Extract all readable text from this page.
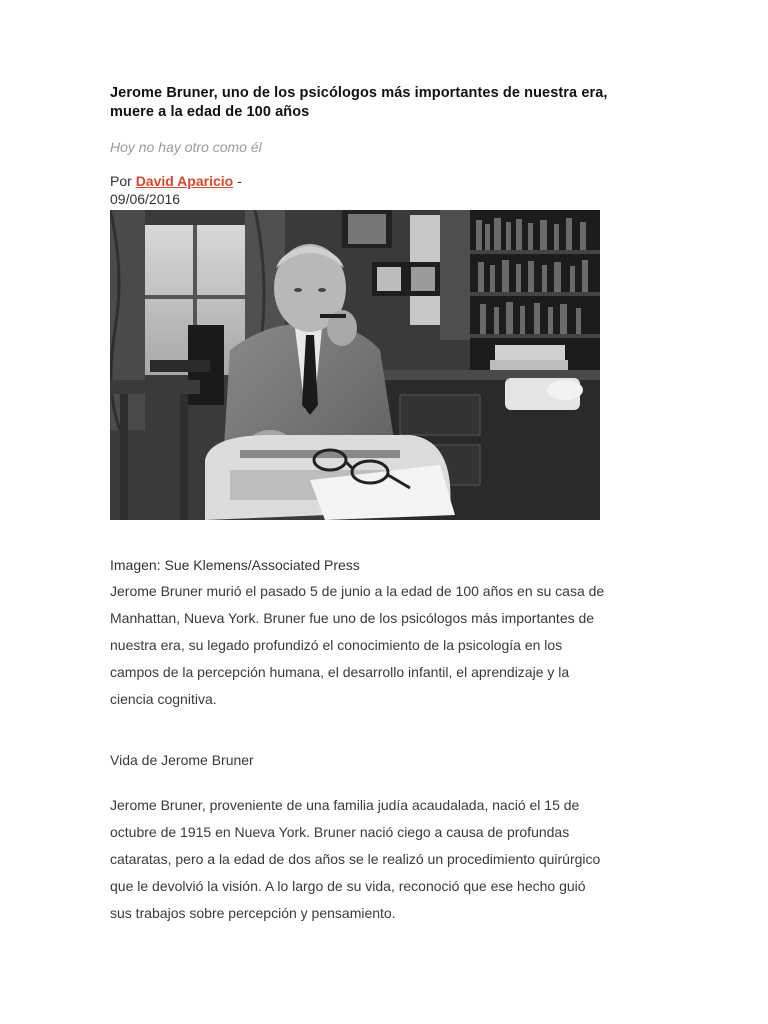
Jerome Bruner, uno de los psicólogos más importantes de nuestra era,
muere a la edad de 100 años

Hoy no hay otro como él

Por David Aparicio -
09/06/2016
Imagen: Sue Klemens/Associated Press

Jerome Bruner murió el pasado 5 de junio a la edad de 100 años en su casa de
Manhattan, Nueva York. Bruner fue uno de los psicólogos más importantes de
nuestra era, su legado profundizó el conocimiento de la psicología en los
campos de la percepción humana, el desarrollo infantil, el aprendizaje y la
ciencia cognitiva.

Vida de Jerome Bruner

Jerome Bruner, proveniente de una familia judía acaudalada, nació el 15 de
octubre de 1915 en Nueva York. Bruner nació ciego a causa de profundas
cataratas, pero a la edad de dos años se le realizó un procedimiento quirúrgico
que le devolvió la visión. A lo largo de su vida, reconoció que ese hecho guió
sus trabajos sobre percepción y pensamiento.
